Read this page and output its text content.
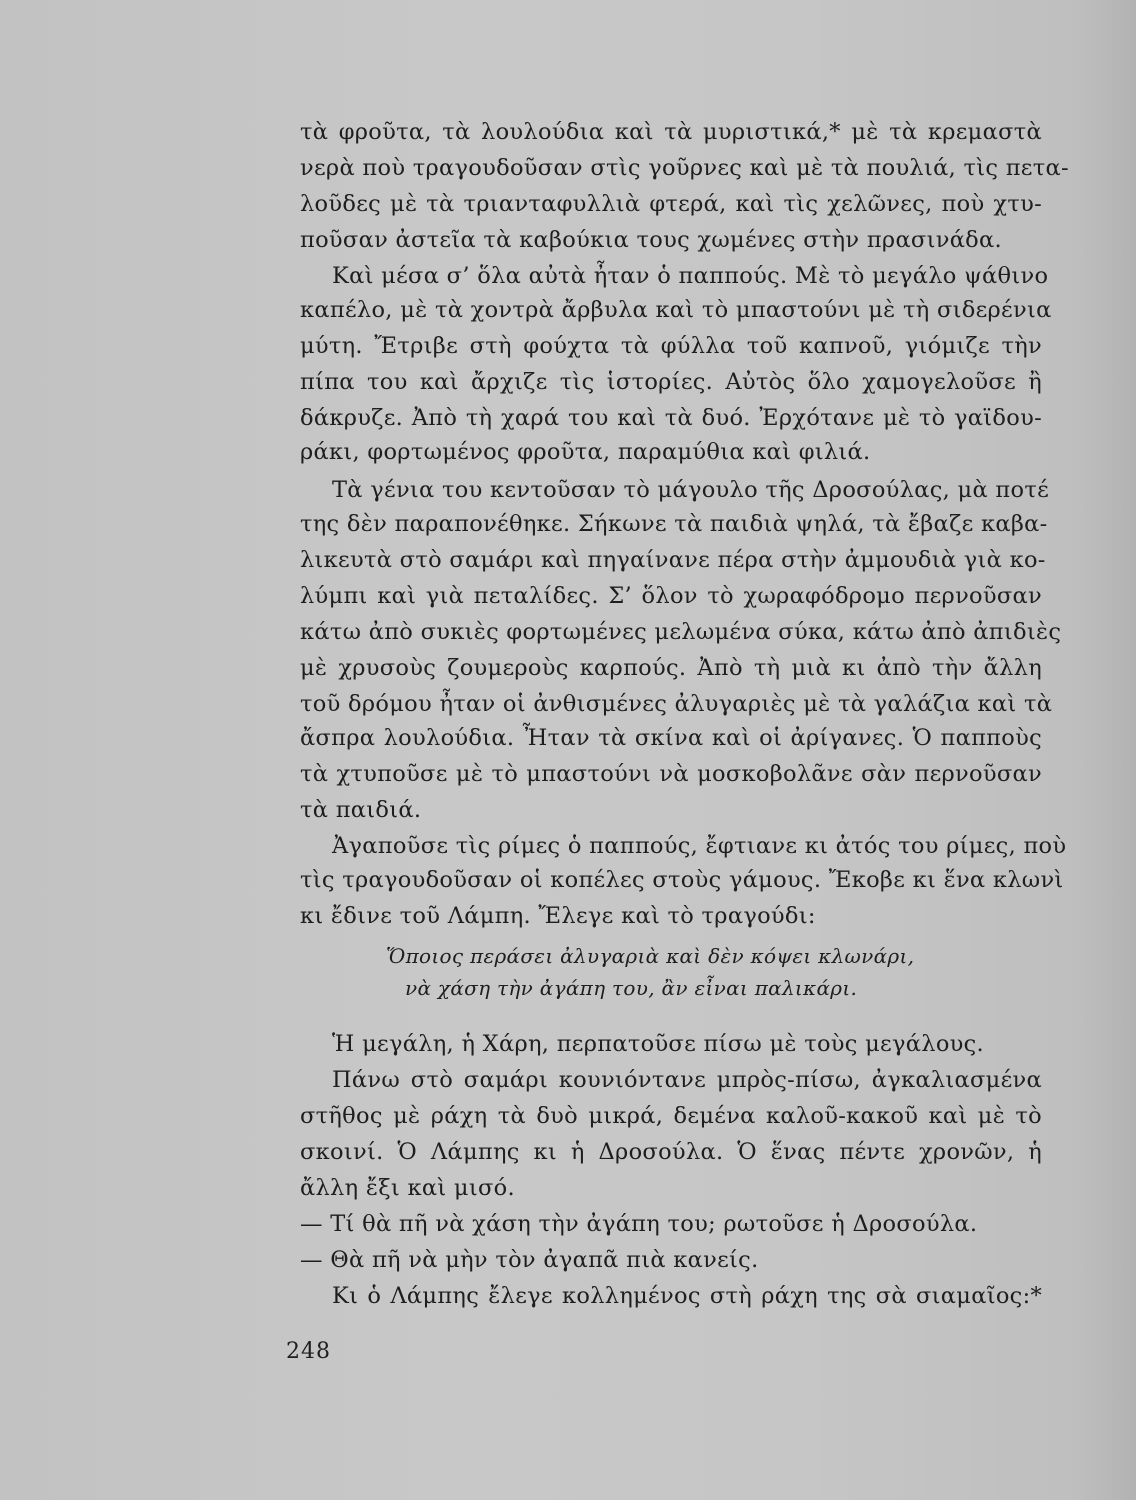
τὰ φροῦτα, τὰ λουλούδια καὶ τὰ μυριστικά,* μὲ τὰ κρεμαστὰ
νερὰ ποὺ τραγουδοῦσαν στὶς γοῦρνες καὶ μὲ τὰ πουλιά, τὶς πετα-
λοῦδες μὲ τὰ τριανταφυλλιὰ φτερά, καὶ τὶς χελῶνες, ποὺ χτυ-
ποῦσαν ἀστεῖα τὰ καβούκια τους χωμένες στὴν πρασινάδα.
Καὶ μέσα σ’ ὅλα αὐτὰ ἦταν ὁ παππούς. Μὲ τὸ μεγάλο ψάθινο
καπέλο, μὲ τὰ χοντρὰ ἄρβυλα καὶ τὸ μπαστούνι μὲ τὴ σιδερένια
μύτη. Ἔτριβε στὴ φούχτα τὰ φύλλα τοῦ καπνοῦ, γιόμιζε τὴν
πίπα του καὶ ἄρχιζε τὶς ἱστορίες. Αὐτὸς ὅλο χαμογελοῦσε ἢ
δάκρυζε. Ἀπὸ τὴ χαρά του καὶ τὰ δυό. Ἐρχότανε μὲ τὸ γαϊδου-
ράκι, φορτωμένος φροῦτα, παραμύθια καὶ φιλιά.
Τὰ γένια του κεντοῦσαν τὸ μάγουλο τῆς Δροσούλας, μὰ ποτέ
της δὲν παραπονέθηκε. Σήκωνε τὰ παιδιὰ ψηλά, τὰ ἔβαζε καβα-
λικευτὰ στὸ σαμάρι καὶ πηγαίνανε πέρα στὴν ἀμμουδιὰ γιὰ κο-
λύμπι καὶ γιὰ πεταλίδες. Σ’ ὅλον τὸ χωραφόδρομο περνοῦσαν
κάτω ἀπὸ συκιὲς φορτωμένες μελωμένα σύκα, κάτω ἀπὸ ἀπιδιὲς
μὲ χρυσοὺς ζουμεροὺς καρπούς. Ἀπὸ τὴ μιὰ κι ἀπὸ τὴν ἄλλη
τοῦ δρόμου ἦταν οἱ ἀνθισμένες ἀλυγαριὲς μὲ τὰ γαλάζια καὶ τὰ
ἄσπρα λουλούδια. Ἦταν τὰ σκίνα καὶ οἱ ἀρίγανες. Ὁ παπποὺς
τὰ χτυποῦσε μὲ τὸ μπαστούνι νὰ μοσκοβολᾶνε σὰν περνοῦσαν
τὰ παιδιά.
Ἀγαποῦσε τὶς ρίμες ὁ παππούς, ἔφτιανε κι ἀτός του ρίμες, ποὺ
τὶς τραγουδοῦσαν οἱ κοπέλες στοὺς γάμους. Ἔκοβε κι ἕνα κλωνὶ
κι ἔδινε τοῦ Λάμπη. Ἔλεγε καὶ τὸ τραγούδι:
Ὅποιος περάσει ἀλυγαριὰ καὶ δὲν κόψει κλωνάρι,
νὰ χάση τὴν ἀγάπη του, ἂν εἶναι παλικάρι.
Ἡ μεγάλη, ἡ Χάρη, περπατοῦσε πίσω μὲ τοὺς μεγάλους.
Πάνω στὸ σαμάρι κουνιόντανε μπρὸς-πίσω, ἀγκαλιασμένα
στῆθος μὲ ράχη τὰ δυὸ μικρά, δεμένα καλοῦ-κακοῦ καὶ μὲ τὸ
σκοινί. Ὁ Λάμπης κι ἡ Δροσούλα. Ὁ ἕνας πέντε χρονῶν, ἡ
ἄλλη ἔξι καὶ μισό.
— Τί θὰ πῆ νὰ χάση τὴν ἀγάπη του; ρωτοῦσε ἡ Δροσούλα.
— Θὰ πῆ νὰ μὴν τὸν ἀγαπᾶ πιὰ κανείς.
Κι ὁ Λάμπης ἔλεγε κολλημένος στὴ ράχη της σὰ σιαμαῖος:*
248
